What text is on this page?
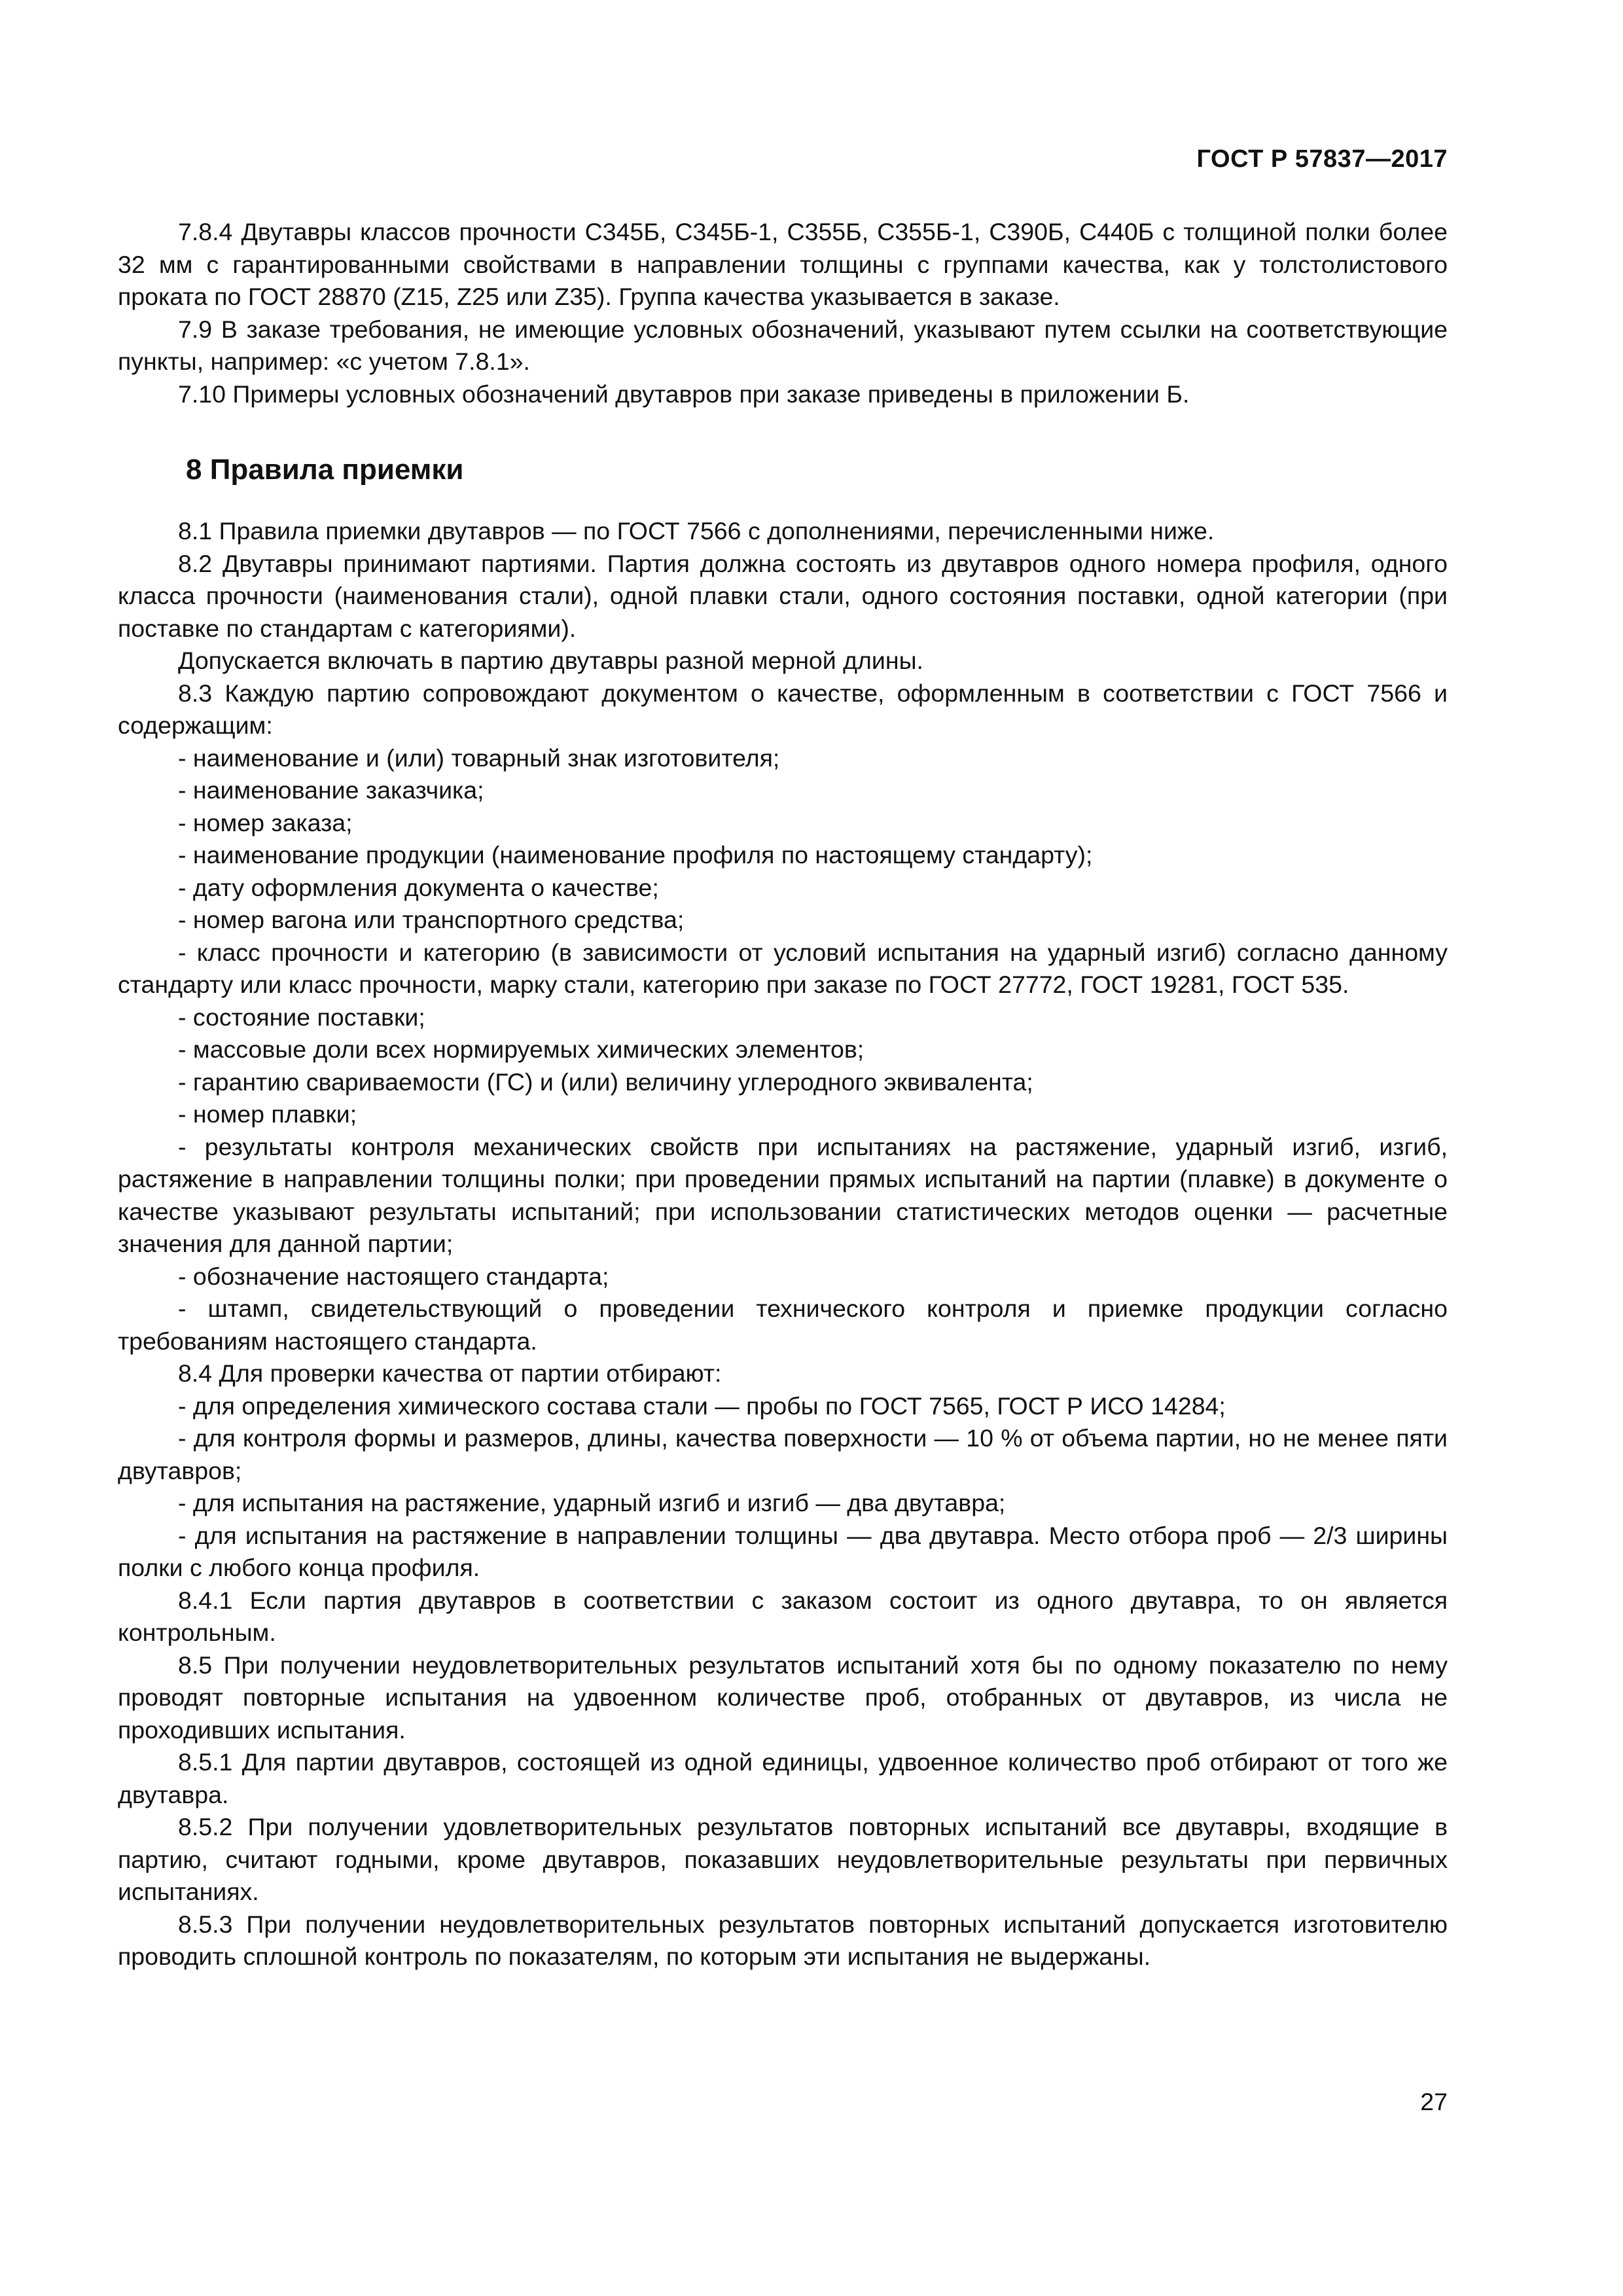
ГОСТ Р 57837—2017

7.8.4 Двутавры классов прочности С345Б, С345Б-1, С355Б, С355Б-1, С390Б, С440Б с толщиной полки более 32 мм с гарантированными свойствами в направлении толщины с группами качества, как у толстолистового проката по ГОСТ 28870 (Z15, Z25 или Z35). Группа качества указывается в заказе.

7.9 В заказе требования, не имеющие условных обозначений, указывают путем ссылки на соответствующие пункты, например: «с учетом 7.8.1».

7.10 Примеры условных обозначений двутавров при заказе приведены в приложении Б.

8 Правила приемки

8.1 Правила приемки двутавров — по ГОСТ 7566 с дополнениями, перечисленными ниже.

8.2 Двутавры принимают партиями. Партия должна состоять из двутавров одного номера профиля, одного класса прочности (наименования стали), одной плавки стали, одного состояния поставки, одной категории (при поставке по стандартам с категориями).

Допускается включать в партию двутавры разной мерной длины.

8.3 Каждую партию сопровождают документом о качестве, оформленным в соответствии с ГОСТ 7566 и содержащим:

- наименование и (или) товарный знак изготовителя;

- наименование заказчика;

- номер заказа;

- наименование продукции (наименование профиля по настоящему стандарту);

- дату оформления документа о качестве;

- номер вагона или транспортного средства;

- класс прочности и категорию (в зависимости от условий испытания на ударный изгиб) согласно данному стандарту или класс прочности, марку стали, категорию при заказе по ГОСТ 27772, ГОСТ 19281, ГОСТ 535.

- состояние поставки;

- массовые доли всех нормируемых химических элементов;

- гарантию свариваемости (ГС) и (или) величину углеродного эквивалента;

- номер плавки;

- результаты контроля механических свойств при испытаниях на растяжение, ударный изгиб, изгиб, растяжение в направлении толщины полки; при проведении прямых испытаний на партии (плавке) в документе о качестве указывают результаты испытаний; при использовании статистических методов оценки — расчетные значения для данной партии;

- обозначение настоящего стандарта;

- штамп, свидетельствующий о проведении технического контроля и приемке продукции согласно требованиям настоящего стандарта.

8.4 Для проверки качества от партии отбирают:

- для определения химического состава стали — пробы по ГОСТ 7565, ГОСТ Р ИСО 14284;

- для контроля формы и размеров, длины, качества поверхности — 10 % от объема партии, но не менее пяти двутавров;

- для испытания на растяжение, ударный изгиб и изгиб — два двутавра;

- для испытания на растяжение в направлении толщины — два двутавра. Место отбора проб — 2/3 ширины полки с любого конца профиля.

8.4.1 Если партия двутавров в соответствии с заказом состоит из одного двутавра, то он является контрольным.

8.5 При получении неудовлетворительных результатов испытаний хотя бы по одному показателю по нему проводят повторные испытания на удвоенном количестве проб, отобранных от двутавров, из числа не проходивших испытания.

8.5.1 Для партии двутавров, состоящей из одной единицы, удвоенное количество проб отбирают от того же двутавра.

8.5.2 При получении удовлетворительных результатов повторных испытаний все двутавры, входящие в партию, считают годными, кроме двутавров, показавших неудовлетворительные результаты при первичных испытаниях.

8.5.3 При получении неудовлетворительных результатов повторных испытаний допускается изготовителю проводить сплошной контроль по показателям, по которым эти испытания не выдержаны.

27
